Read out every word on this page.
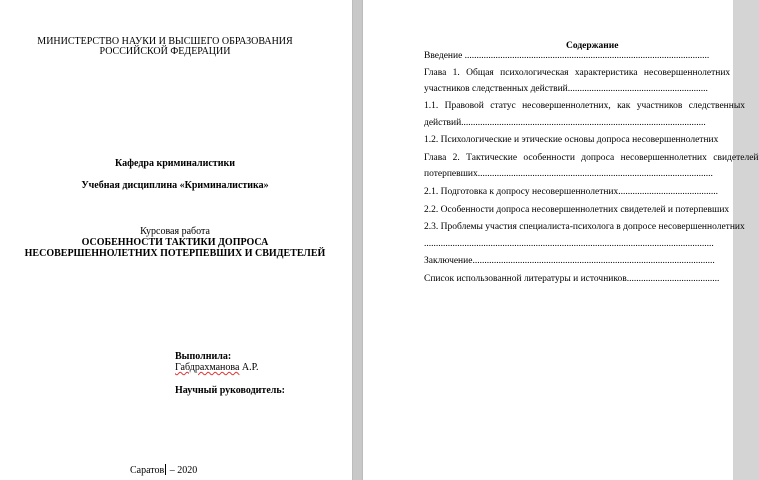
МИНИСТЕРСТВО НАУКИ И ВЫСШЕГО ОБРАЗОВАНИЯ
РОССИЙСКОЙ ФЕДЕРАЦИИ
Кафедра криминалистики
Учебная дисциплина «Криминалистика»
Курсовая работа
ОСОБЕННОСТИ ТАКТИКИ ДОПРОСА
НЕСОВЕРШЕННОЛЕТНИХ ПОТЕРПЕВШИХ И СВИДЕТЕЛЕЙ
Выполнила:
Габдрахманова А.Р.
Научный руководитель:
Саратов – 2020
Содержание
Введение .......................................................................................................
Глава 1. Общая психологическая характеристика несовершеннолетних
участников следственных действий...........................................................
1.1. Правовой статус несовершеннолетних, как участников следственных
действий.......................................................................................................
1.2. Психологические и этические основы допроса несовершеннолетних
Глава 2. Тактические особенности допроса несовершеннолетних свидетелей
потерпевших...................................................................................................
2.1. Подготовка к допросу несовершеннолетних..........................................
2.2. Особенности допроса несовершеннолетних свидетелей и потерпевших
2.3. Проблемы участия специалиста-психолога в допросе несовершеннолетних
..........................................................................................................................
Заключение......................................................................................................
Список использованной литературы и источников.......................................
